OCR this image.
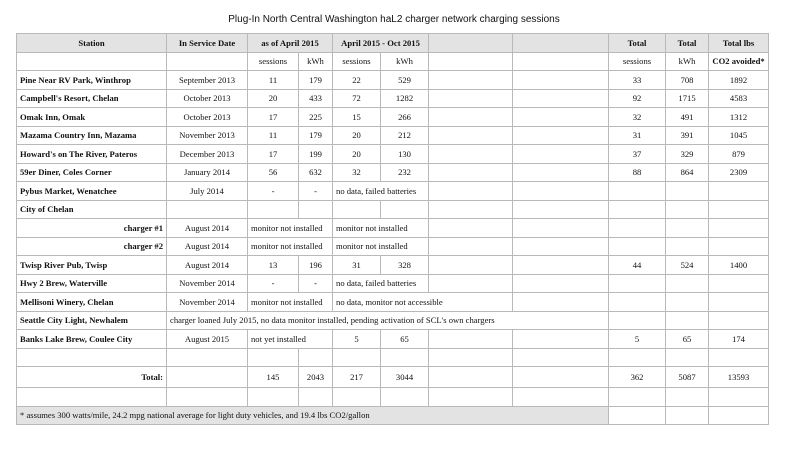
Plug-In North Central Washington haL2 charger network charging sessions
Station	In Service Date	as of April 2015		April 2015 - Oct 2015				Total	Total	Total lbs
		sessions	kWh	sessions	kWh			sessions	kWh	CO2 avoided*
Pine Near RV Park, Winthrop	September 2013	11	179	22	529			33	708	1892
Campbell's Resort, Chelan	October 2013	20	433	72	1282			92	1715	4583
Omak Inn, Omak	October 2013	17	225	15	266			32	491	1312
Mazama Country Inn, Mazama	November 2013	11	179	20	212			31	391	1045
Howard's on The River, Pateros	December 2013	17	199	20	130			37	329	879
59er Diner, Coles Corner	January 2014	56	632	32	232			88	864	2309
Pybus Market, Wenatchee	July 2014	-	-	no data, failed batteries						
City of Chelan										
charger #1	August 2014	monitor not installed		monitor not installed						
charger #2	August 2014	monitor not installed		monitor not installed						
Twisp River Pub, Twisp	August 2014	13	196	31	328			44	524	1400
Hwy 2 Brew, Waterville	November 2014	-	-	no data, failed batteries						
Mellisoni Winery, Chelan	November 2014	monitor not installed		no data, monitor not accessible						
Seattle City Light, Newhalem	charger loaned July 2015, no data monitor installed, pending activation of SCL's own chargers									
Banks Lake Brew, Coulee City	August 2015	not yet installed		5	65			5	65	174

Total:		145	2043	217	3044			362	5087	13593

* assumes 300 watts/mile, 24.2 mpg national average for light duty vehicles, and 19.4 lbs CO2/gallon										
